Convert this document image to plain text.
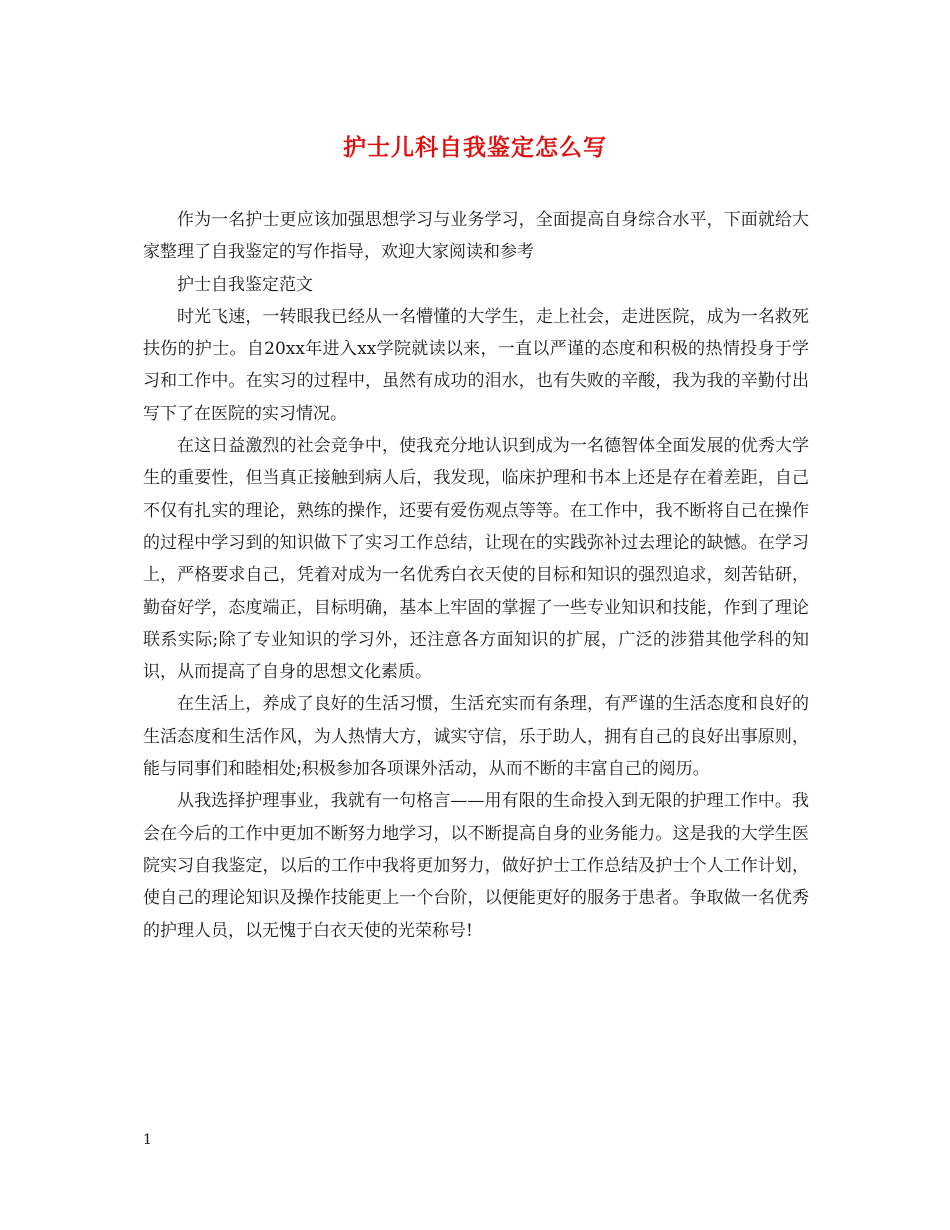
护士儿科自我鉴定怎么写

作为一名护士更应该加强思想学习与业务学习，全面提高自身综合水平，下面就给大家整理了自我鉴定的写作指导，欢迎大家阅读和参考

护士自我鉴定范文

时光飞速，一转眼我已经从一名懵懂的大学生，走上社会，走进医院，成为一名救死扶伤的护士。自20xx年进入xx学院就读以来，一直以严谨的态度和积极的热情投身于学习和工作中。在实习的过程中，虽然有成功的泪水，也有失败的辛酸，我为我的辛勤付出写下了在医院的实习情况。

在这日益激烈的社会竞争中，使我充分地认识到成为一名德智体全面发展的优秀大学生的重要性，但当真正接触到病人后，我发现，临床护理和书本上还是存在着差距，自己不仅有扎实的理论，熟练的操作，还要有爱伤观点等等。在工作中，我不断将自己在操作的过程中学习到的知识做下了实习工作总结，让现在的实践弥补过去理论的缺憾。在学习上，严格要求自己，凭着对成为一名优秀白衣天使的目标和知识的强烈追求，刻苦钻研，勤奋好学，态度端正，目标明确，基本上牢固的掌握了一些专业知识和技能，作到了理论联系实际;除了专业知识的学习外，还注意各方面知识的扩展，广泛的涉猎其他学科的知识，从而提高了自身的思想文化素质。

在生活上，养成了良好的生活习惯，生活充实而有条理，有严谨的生活态度和良好的生活态度和生活作风，为人热情大方，诚实守信，乐于助人，拥有自己的良好出事原则，能与同事们和睦相处;积极参加各项课外活动，从而不断的丰富自己的阅历。

从我选择护理事业，我就有一句格言——用有限的生命投入到无限的护理工作中。我会在今后的工作中更加不断努力地学习，以不断提高自身的业务能力。这是我的大学生医院实习自我鉴定，以后的工作中我将更加努力，做好护士工作总结及护士个人工作计划，使自己的理论知识及操作技能更上一个台阶，以便能更好的服务于患者。争取做一名优秀的护理人员，以无愧于白衣天使的光荣称号!

1
